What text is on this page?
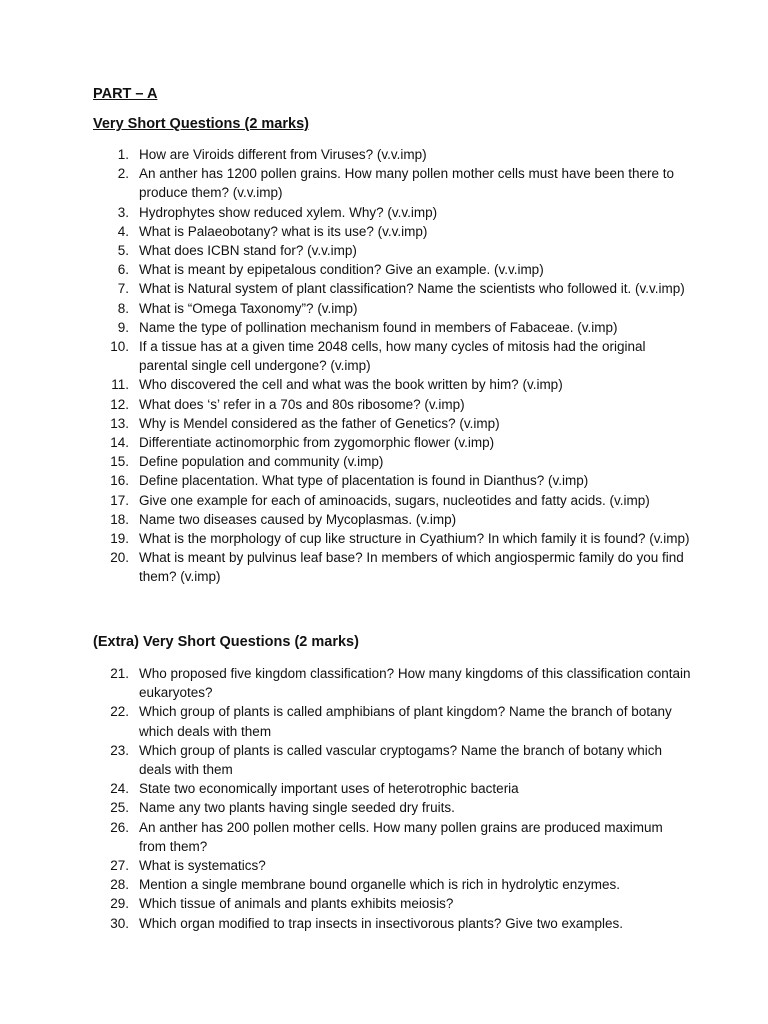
PART – A
Very Short Questions (2 marks)
1. How are Viroids different from Viruses? (v.v.imp)
2. An anther has 1200 pollen grains. How many pollen mother cells must have been there to produce them? (v.v.imp)
3. Hydrophytes show reduced xylem. Why? (v.v.imp)
4. What is Palaeobotany? what is its use? (v.v.imp)
5. What does ICBN stand for? (v.v.imp)
6. What is meant by epipetalous condition? Give an example. (v.v.imp)
7. What is Natural system of plant classification? Name the scientists who followed it. (v.v.imp)
8. What is “Omega Taxonomy”? (v.imp)
9. Name the type of pollination mechanism found in members of Fabaceae. (v.imp)
10. If a tissue has at a given time 2048 cells, how many cycles of mitosis had the original parental single cell undergone? (v.imp)
11. Who discovered the cell and what was the book written by him? (v.imp)
12. What does ‘s’ refer in a 70s and 80s ribosome? (v.imp)
13. Why is Mendel considered as the father of Genetics? (v.imp)
14. Differentiate actinomorphic from zygomorphic flower (v.imp)
15. Define population and community (v.imp)
16. Define placentation. What type of placentation is found in Dianthus? (v.imp)
17. Give one example for each of aminoacids, sugars, nucleotides and fatty acids. (v.imp)
18. Name two diseases caused by Mycoplasmas. (v.imp)
19. What is the morphology of cup like structure in Cyathium? In which family it is found? (v.imp)
20. What is meant by pulvinus leaf base? In members of which angiospermic family do you find them? (v.imp)
(Extra) Very Short Questions (2 marks)
21. Who proposed five kingdom classification? How many kingdoms of this classification contain eukaryotes?
22. Which group of plants is called amphibians of plant kingdom? Name the branch of botany which deals with them
23. Which group of plants is called vascular cryptogams? Name the branch of botany which deals with them
24. State two economically important uses of heterotrophic bacteria
25. Name any two plants having single seeded dry fruits.
26. An anther has 200 pollen mother cells. How many pollen grains are produced maximum from them?
27. What is systematics?
28. Mention a single membrane bound organelle which is rich in hydrolytic enzymes.
29. Which tissue of animals and plants exhibits meiosis?
30. Which organ modified to trap insects in insectivorous plants? Give two examples.
